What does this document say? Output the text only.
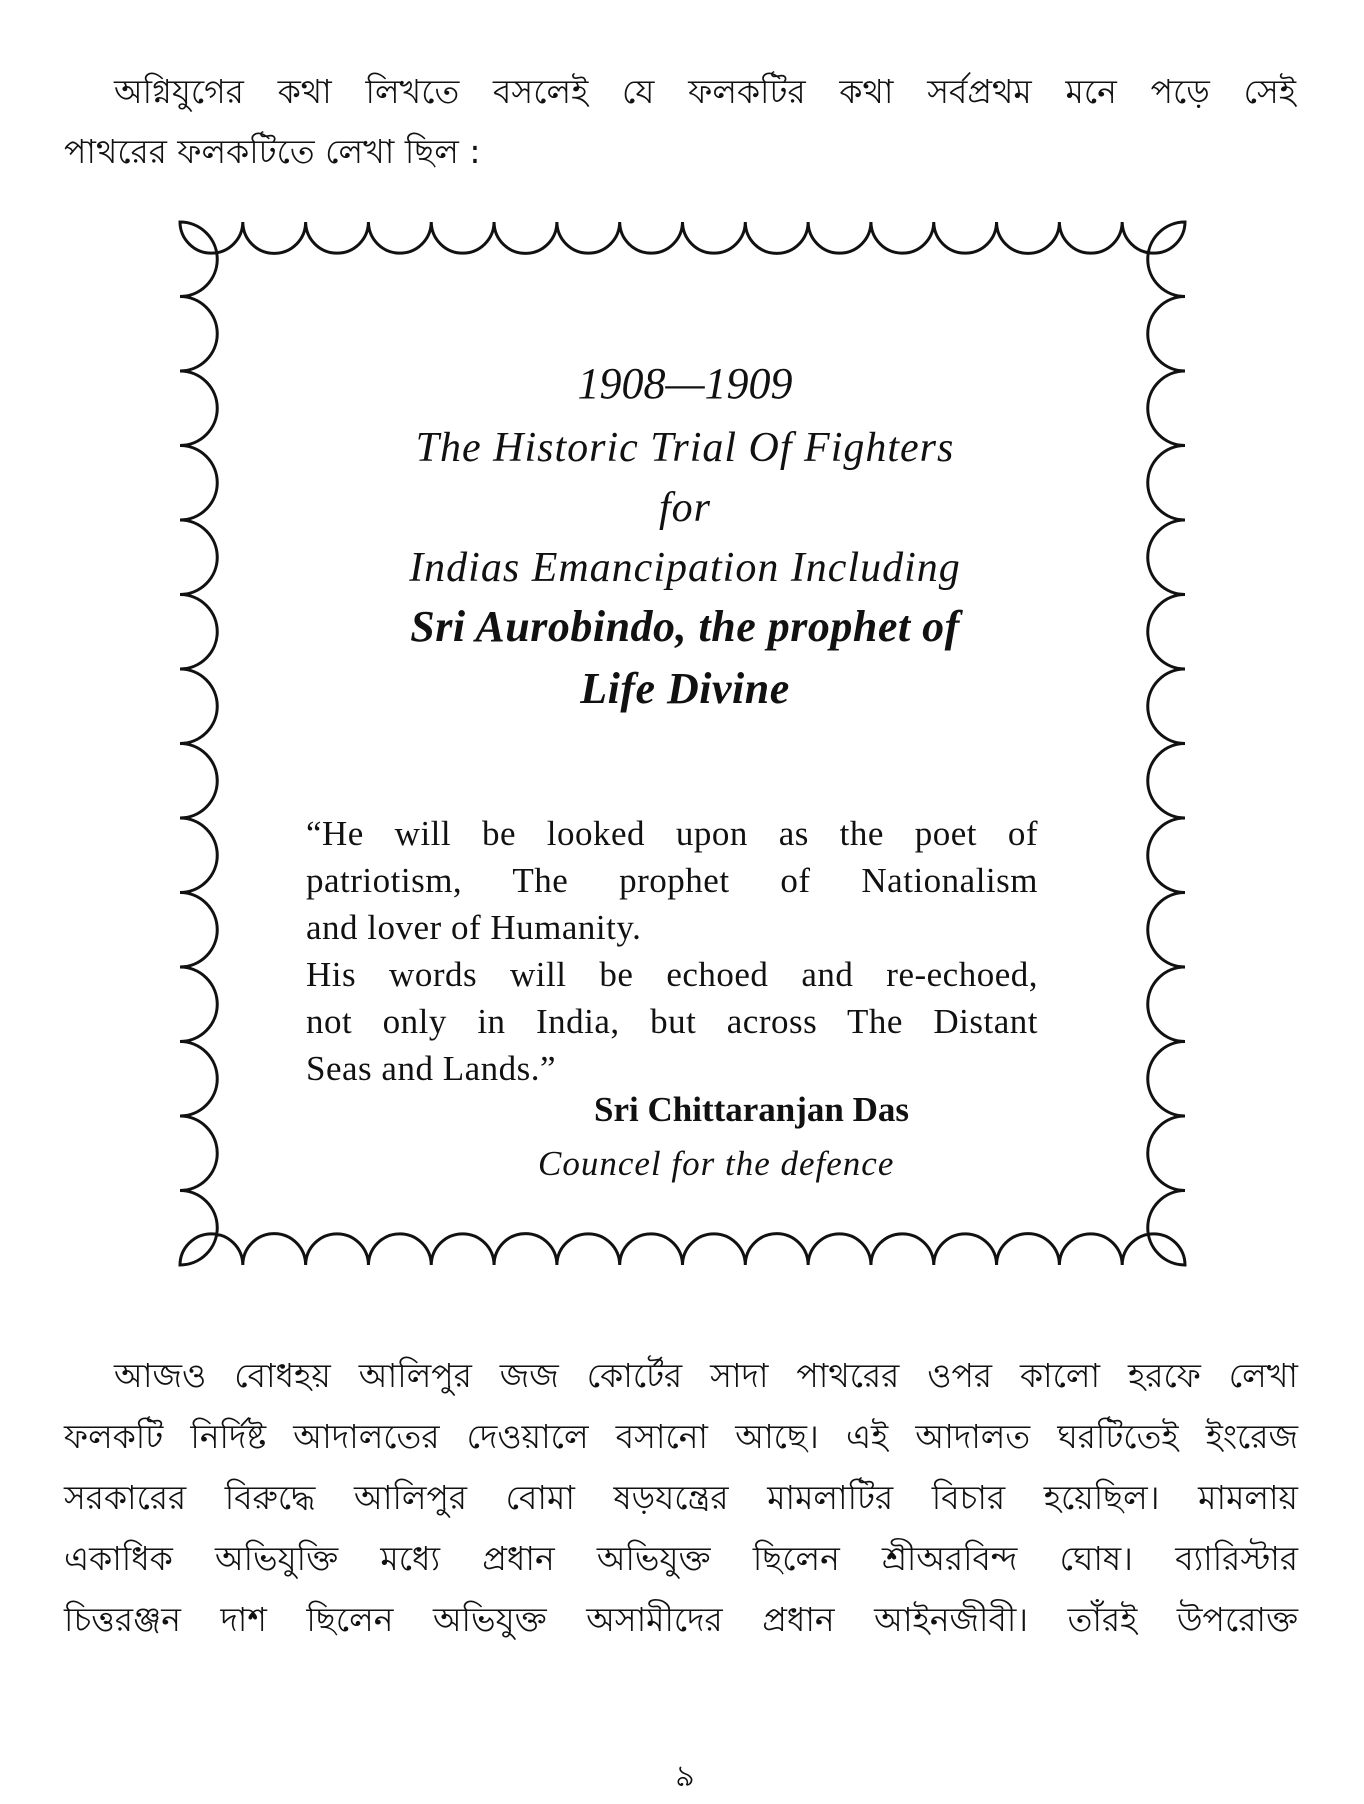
অগ্নিযুগের কথা লিখতে বসলেই যে ফলকটির কথা সর্বপ্রথম মনে পড়ে সেই
পাথরের ফলকটিতে লেখা ছিল :
1908—1909
The Historic Trial Of Fighters
for
Indias Emancipation Including
Sri Aurobindo, the prophet of
Life Divine
“He will be looked upon as the poet of
patriotism, The prophet of Nationalism
and lover of Humanity.
His words will be echoed and re-echoed,
not only in India, but across The Distant
Seas and Lands.”
Sri Chittaranjan Das
Councel for the defence
আজও বোধহয় আলিপুর জজ কোর্টের সাদা পাথরের ওপর কালো হরফে লেখা
ফলকটি নির্দিষ্ট আদালতের দেওয়ালে বসানো আছে। এই আদালত ঘরটিতেই ইংরেজ
সরকারের বিরুদ্ধে আলিপুর বোমা ষড়যন্ত্রের মামলাটির বিচার হয়েছিল। মামলায়
একাধিক অভিযুক্তি মধ্যে প্রধান অভিযুক্ত ছিলেন শ্রীঅরবিন্দ ঘোষ। ব্যারিস্টার
চিত্তরঞ্জন দাশ ছিলেন অভিযুক্ত অসামীদের প্রধান আইনজীবী। তাঁরই উপরোক্ত
৯
